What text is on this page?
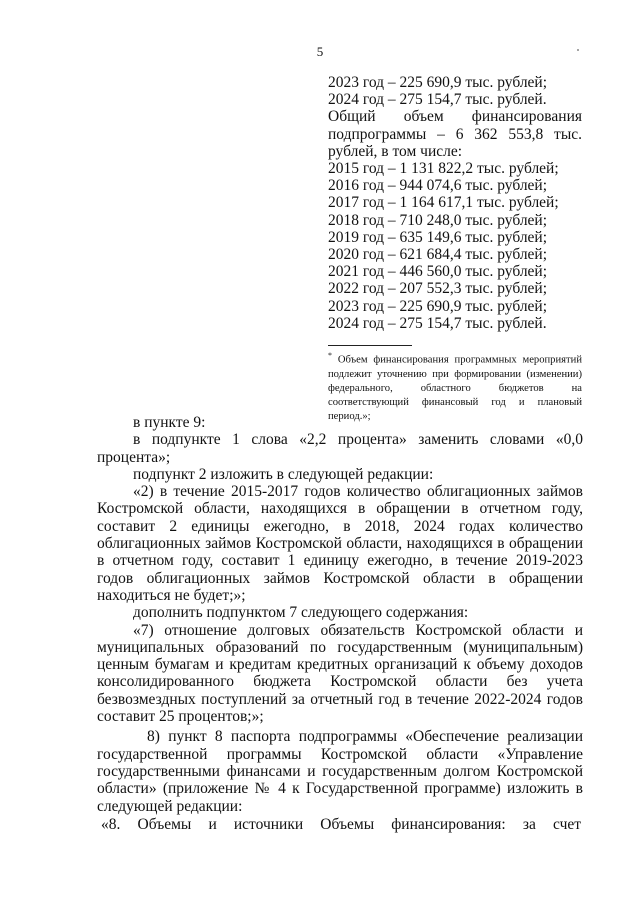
5
2023 год – 225 690,9 тыс. рублей;
2024 год – 275 154,7 тыс. рублей.
Общий объем финансирования
подпрограммы – 6 362 553,8 тыс.
рублей, в том числе:
2015 год – 1 131 822,2 тыс. рублей;
2016 год – 944 074,6 тыс. рублей;
2017 год – 1 164 617,1 тыс. рублей;
2018 год – 710 248,0 тыс. рублей;
2019 год – 635 149,6 тыс. рублей;
2020 год – 621 684,4 тыс. рублей;
2021 год – 446 560,0 тыс. рублей;
2022 год – 207 552,3 тыс. рублей;
2023 год – 225 690,9 тыс. рублей;
2024 год – 275 154,7 тыс. рублей.
* Объем финансирования программных мероприятий подлежит уточнению при формировании (изменении) федерального, областного бюджетов на соответствующий финансовый год и плановый период.»;

в пункте 9:

в подпункте 1 слова «2,2 процента» заменить словами «0,0 процента»;

подпункт 2 изложить в следующей редакции:

«2) в течение 2015-2017 годов количество облигационных займов Костромской области, находящихся в обращении в отчетном году, составит 2 единицы ежегодно, в 2018, 2024 годах количество облигационных займов Костромской области, находящихся в обращении в отчетном году, составит 1 единицу ежегодно, в течение 2019-2023 годов облигационных займов Костромской области в обращении находиться не будет;»;

дополнить подпунктом 7 следующего содержания:

«7) отношение долговых обязательств Костромской области и муниципальных образований по государственным (муниципальным) ценным бумагам и кредитам кредитных организаций к объему доходов консолидированного бюджета Костромской области без учета безвозмездных поступлений за отчетный год в течение 2022-2024 годов составит 25 процентов;»;

8) пункт 8 паспорта подпрограммы «Обеспечение реализации государственной программы Костромской области «Управление государственными финансами и государственным долгом Костромской области» (приложение № 4 к Государственной программе) изложить в следующей редакции:

«8. Объемы и источники Объемы финансирования: за счет
